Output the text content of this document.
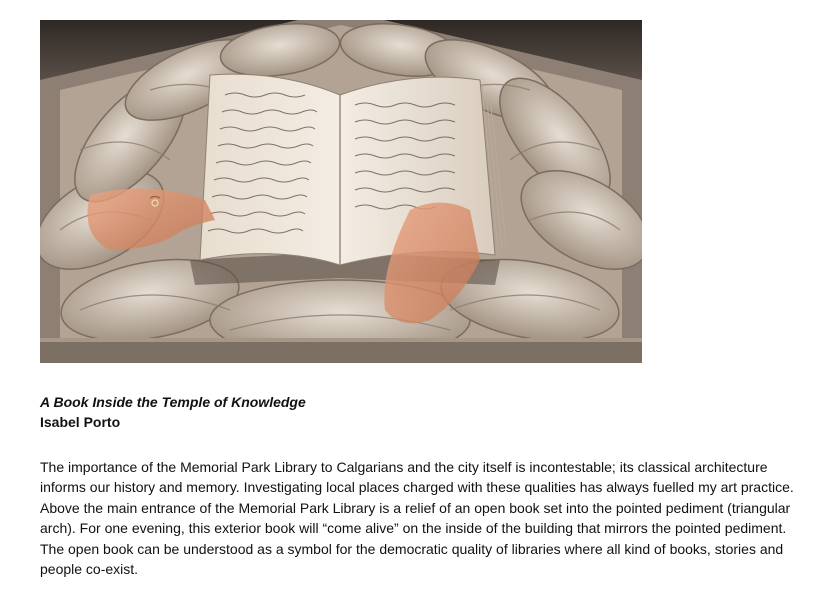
A Book Inside the Temple of Knowledge
Isabel Porto

The importance of the Memorial Park Library to Calgarians and the city itself is incontestable; its classical architecture informs our history and memory. Investigating local places charged with these qualities has always fuelled my art practice. Above the main entrance of the Memorial Park Library is a relief of an open book set into the pointed pediment (triangular arch). For one evening, this exterior book will “come alive” on the inside of the building that mirrors the pointed pediment. The open book can be understood as a symbol for the democratic quality of libraries where all kind of books, stories and people co-exist.
